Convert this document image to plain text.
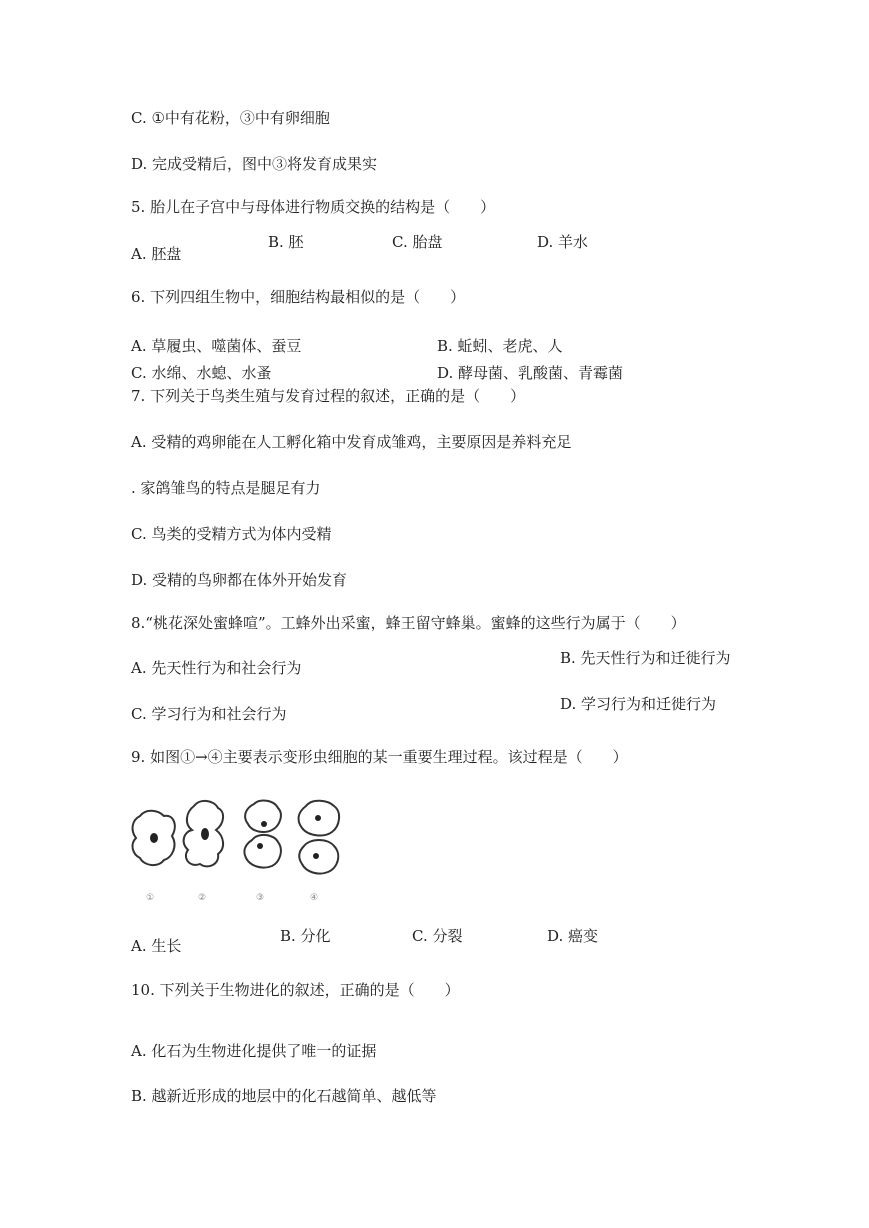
C. ①中有花粉，③中有卵细胞
D. 完成受精后，图中③将发育成果实
5. 胎儿在子宫中与母体进行物质交换的结构是（　　）
A. 胚盘
B. 胚	C. 胎盘	D. 羊水
6. 下列四组生物中，细胞结构最相似的是（　　）
A. 草履虫、噬菌体、蚕豆	B. 蚯蚓、老虎、人
C. 水绵、水螅、水蚤	D. 酵母菌、乳酸菌、青霉菌
7. 下列关于鸟类生殖与发育过程的叙述，正确的是（　　）
A. 受精的鸡卵能在人工孵化箱中发育成雏鸡，主要原因是养料充足
. 家鸽雏鸟的特点是腿足有力
C. 鸟类的受精方式为体内受精
D. 受精的鸟卵都在体外开始发育
8.“桃花深处蜜蜂喧”。工蜂外出采蜜，蜂王留守蜂巢。蜜蜂的这些行为属于（　　）
A. 先天性行为和社会行为
B. 先天性行为和迁徙行为
C. 学习行为和社会行为
D. 学习行为和迁徙行为
9. 如图①→④主要表示变形虫细胞的某一重要生理过程。该过程是（　　）
①	②	③	④
A. 生长
B. 分化	C. 分裂	D. 癌变
10. 下列关于生物进化的叙述，正确的是（　　）
A. 化石为生物进化提供了唯一的证据
B. 越新近形成的地层中的化石越简单、越低等
